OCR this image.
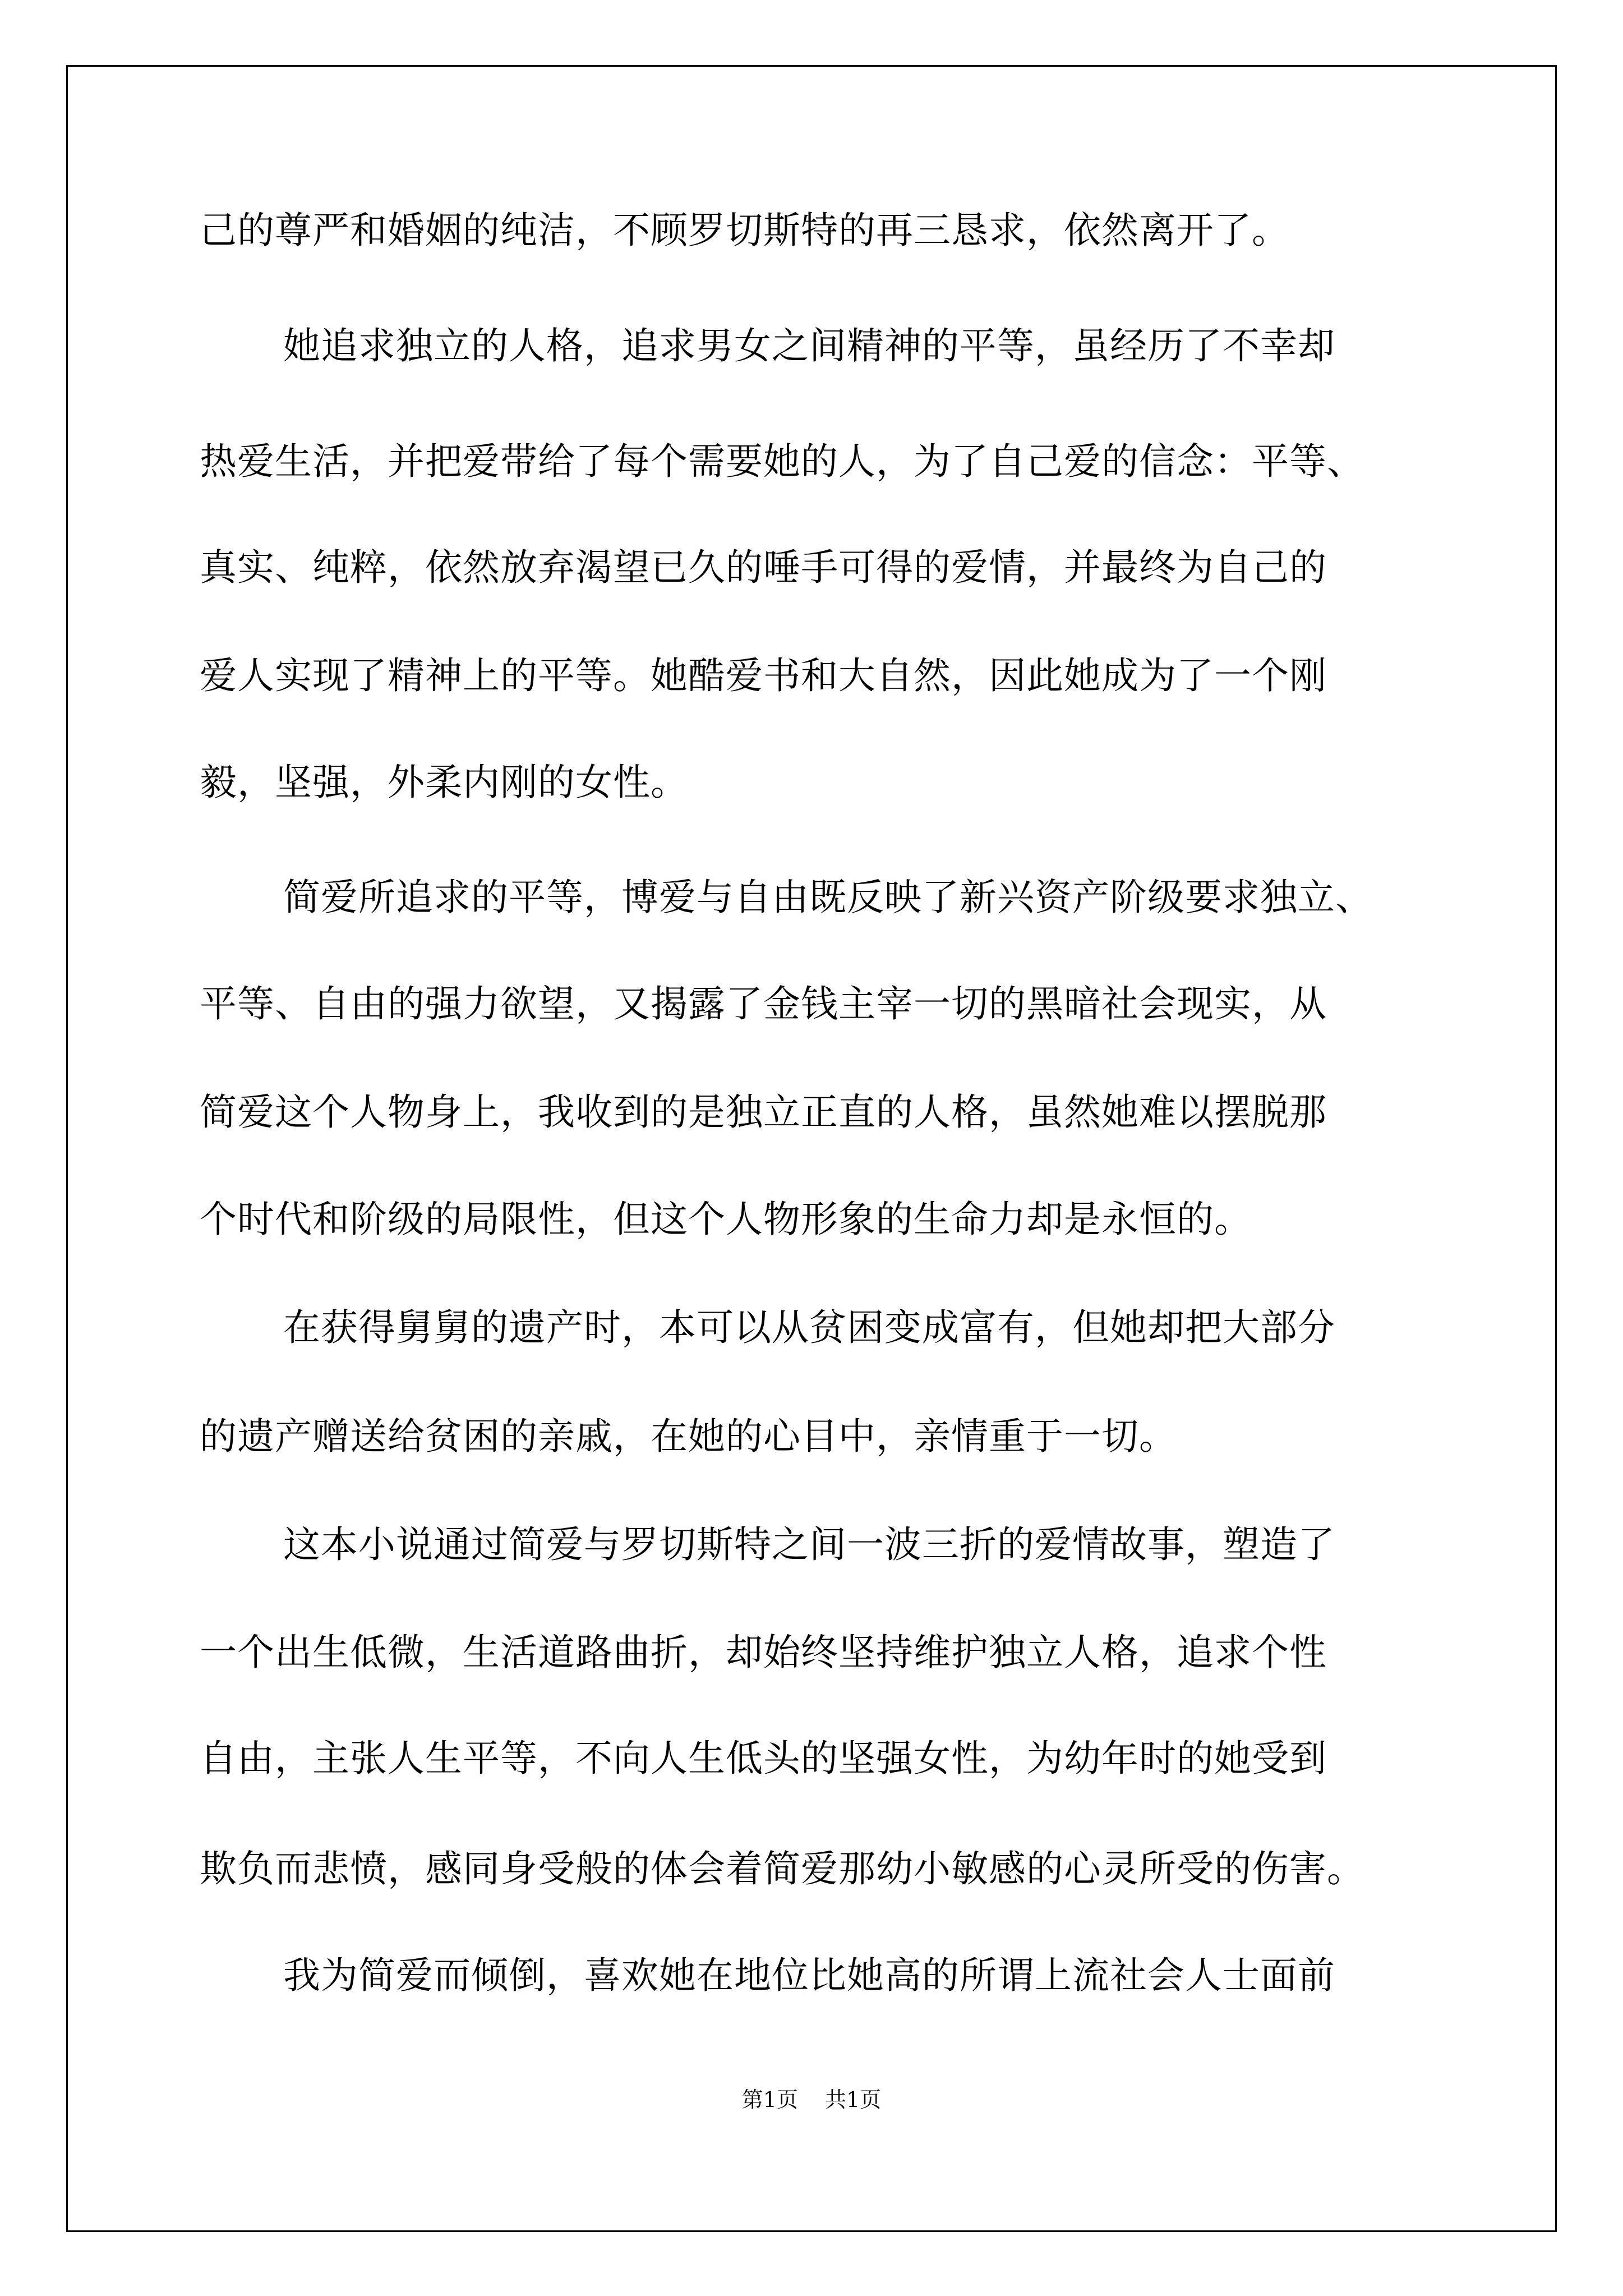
己的尊严和婚姻的纯洁，不顾罗切斯特的再三恳求，依然离开了。
她追求独立的人格，追求男女之间精神的平等，虽经历了不幸却
热爱生活，并把爱带给了每个需要她的人，为了自己爱的信念：平等、
真实、纯粹，依然放弃渴望已久的唾手可得的爱情，并最终为自己的
爱人实现了精神上的平等。她酷爱书和大自然，因此她成为了一个刚
毅，坚强，外柔内刚的女性。
简爱所追求的平等，博爱与自由既反映了新兴资产阶级要求独立、
平等、自由的强力欲望，又揭露了金钱主宰一切的黑暗社会现实，从
简爱这个人物身上，我收到的是独立正直的人格，虽然她难以摆脱那
个时代和阶级的局限性，但这个人物形象的生命力却是永恒的。
在获得舅舅的遗产时，本可以从贫困变成富有，但她却把大部分
的遗产赠送给贫困的亲戚，在她的心目中，亲情重于一切。
这本小说通过简爱与罗切斯特之间一波三折的爱情故事，塑造了
一个出生低微，生活道路曲折，却始终坚持维护独立人格，追求个性
自由，主张人生平等，不向人生低头的坚强女性，为幼年时的她受到
欺负而悲愤，感同身受般的体会着简爱那幼小敏感的心灵所受的伤害。
我为简爱而倾倒，喜欢她在地位比她高的所谓上流社会人士面前
第1页 共1页
